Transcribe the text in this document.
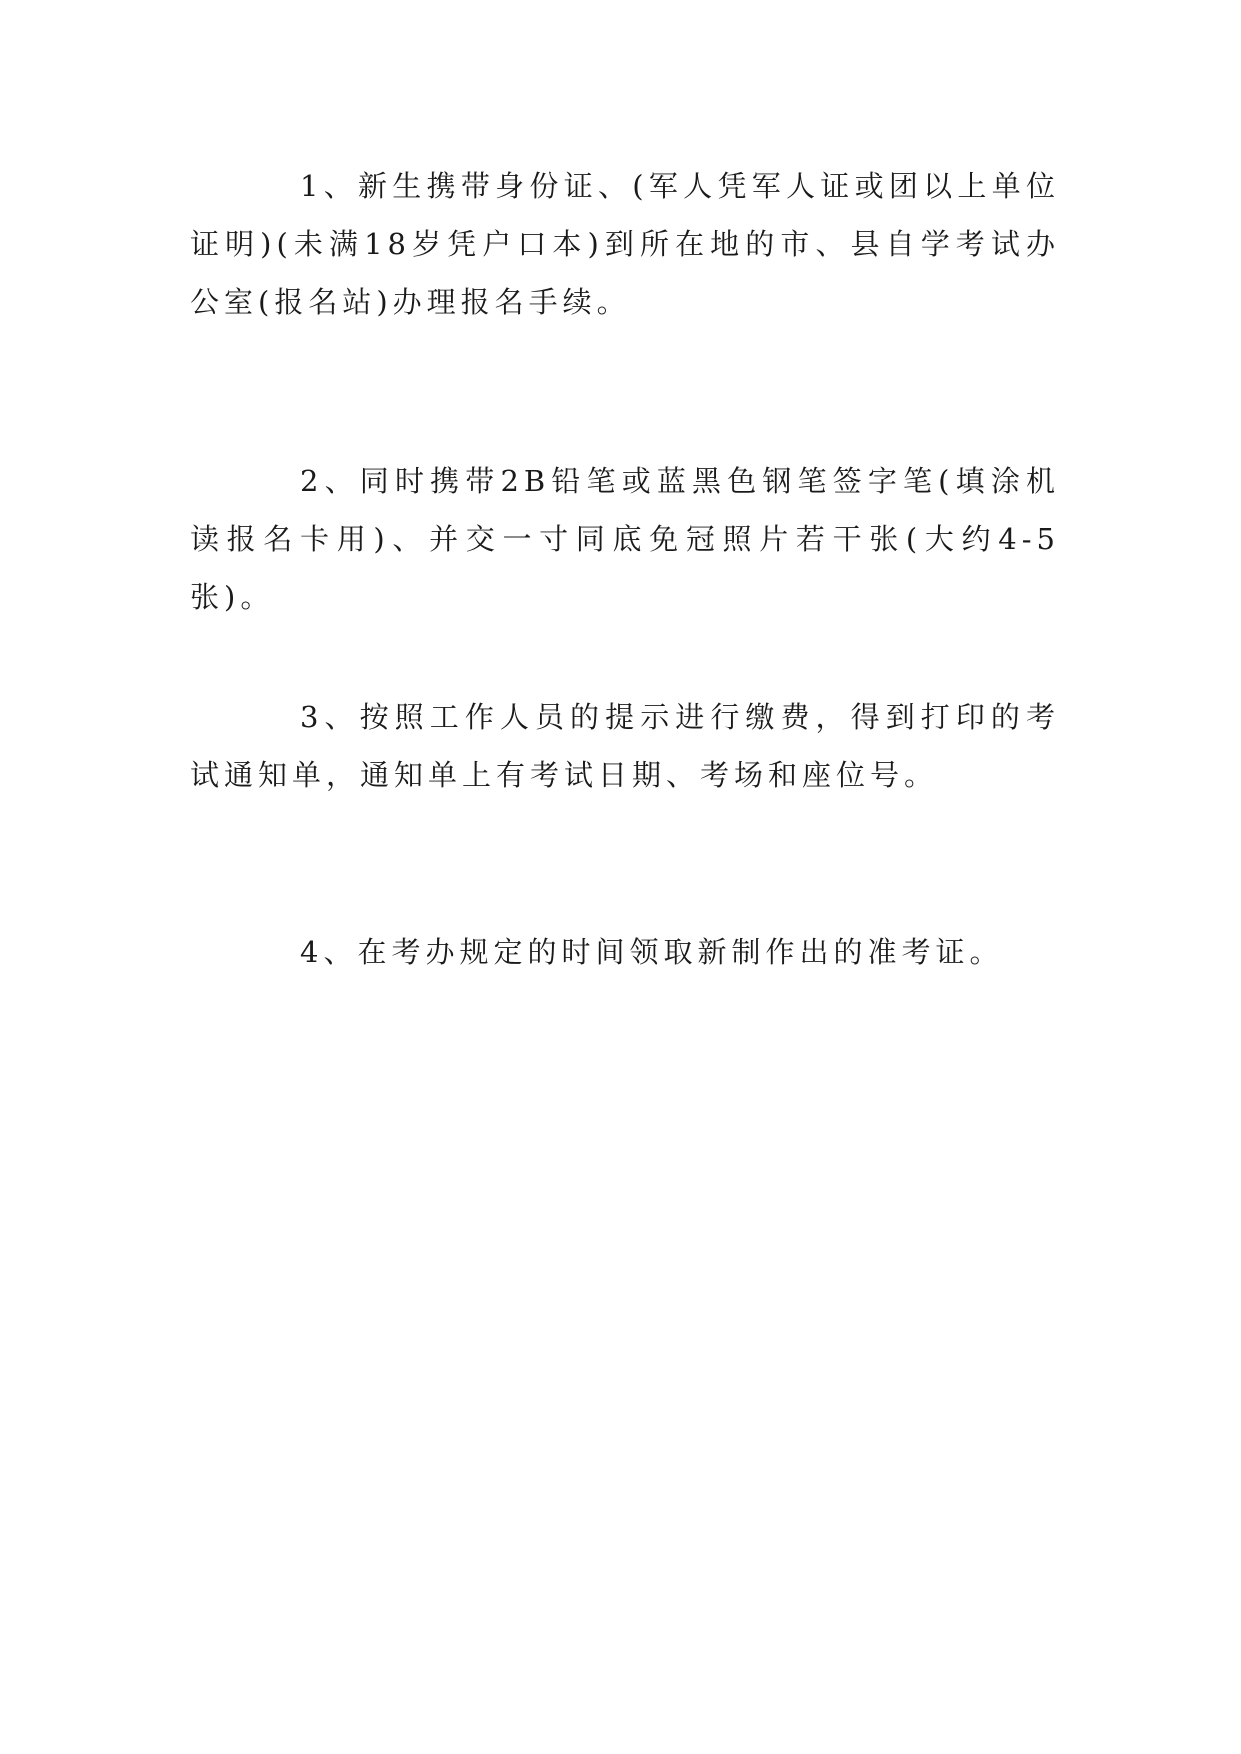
1、新生携带身份证、(军人凭军人证或团以上单位证明)(未满18岁凭户口本)到所在地的市、县自学考试办公室(报名站)办理报名手续。

2、同时携带2B铅笔或蓝黑色钢笔签字笔(填涂机读报名卡用)、并交一寸同底免冠照片若干张(大约4-5张)。

3、按照工作人员的提示进行缴费，得到打印的考试通知单，通知单上有考试日期、考场和座位号。

4、在考办规定的时间领取新制作出的准考证。
